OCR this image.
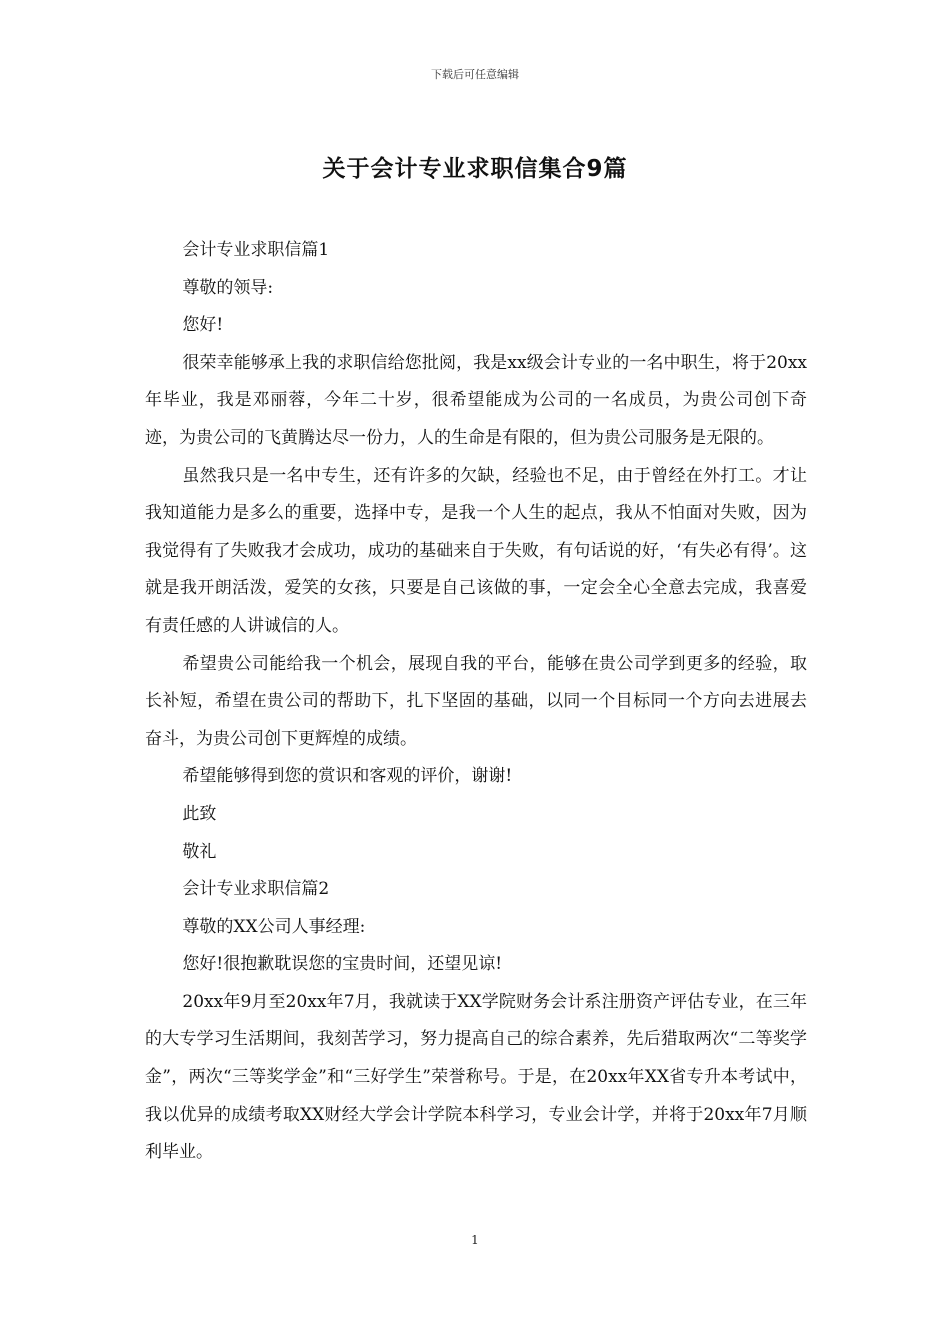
下载后可任意编辑
关于会计专业求职信集合9篇

会计专业求职信篇1

尊敬的领导:

您好!

很荣幸能够承上我的求职信给您批阅，我是xx级会计专业的一名中职生，将于20xx年毕业，我是邓丽蓉，今年二十岁，很希望能成为公司的一名成员，为贵公司创下奇迹，为贵公司的飞黄腾达尽一份力，人的生命是有限的，但为贵公司服务是无限的。

虽然我只是一名中专生，还有许多的欠缺，经验也不足，由于曾经在外打工。才让我知道能力是多么的重要，选择中专，是我一个人生的起点，我从不怕面对失败，因为我觉得有了失败我才会成功，成功的基础来自于失败，有句话说的好，‘有失必有得’。这就是我开朗活泼，爱笑的女孩，只要是自己该做的事，一定会全心全意去完成，我喜爱有责任感的人讲诚信的人。

希望贵公司能给我一个机会，展现自我的平台，能够在贵公司学到更多的经验，取长补短，希望在贵公司的帮助下，扎下坚固的基础，以同一个目标同一个方向去进展去奋斗，为贵公司创下更辉煌的成绩。

希望能够得到您的赏识和客观的评价，谢谢!

此致

敬礼

会计专业求职信篇2

尊敬的XX公司人事经理:

您好!很抱歉耽误您的宝贵时间，还望见谅!

20xx年9月至20xx年7月，我就读于XX学院财务会计系注册资产评估专业，在三年的大专学习生活期间，我刻苦学习，努力提高自己的综合素养，先后猎取两次“二等奖学金”，两次“三等奖学金”和“三好学生”荣誉称号。于是，在20xx年XX省专升本考试中，我以优异的成绩考取XX财经大学会计学院本科学习，专业会计学，并将于20xx年7月顺利毕业。

1
